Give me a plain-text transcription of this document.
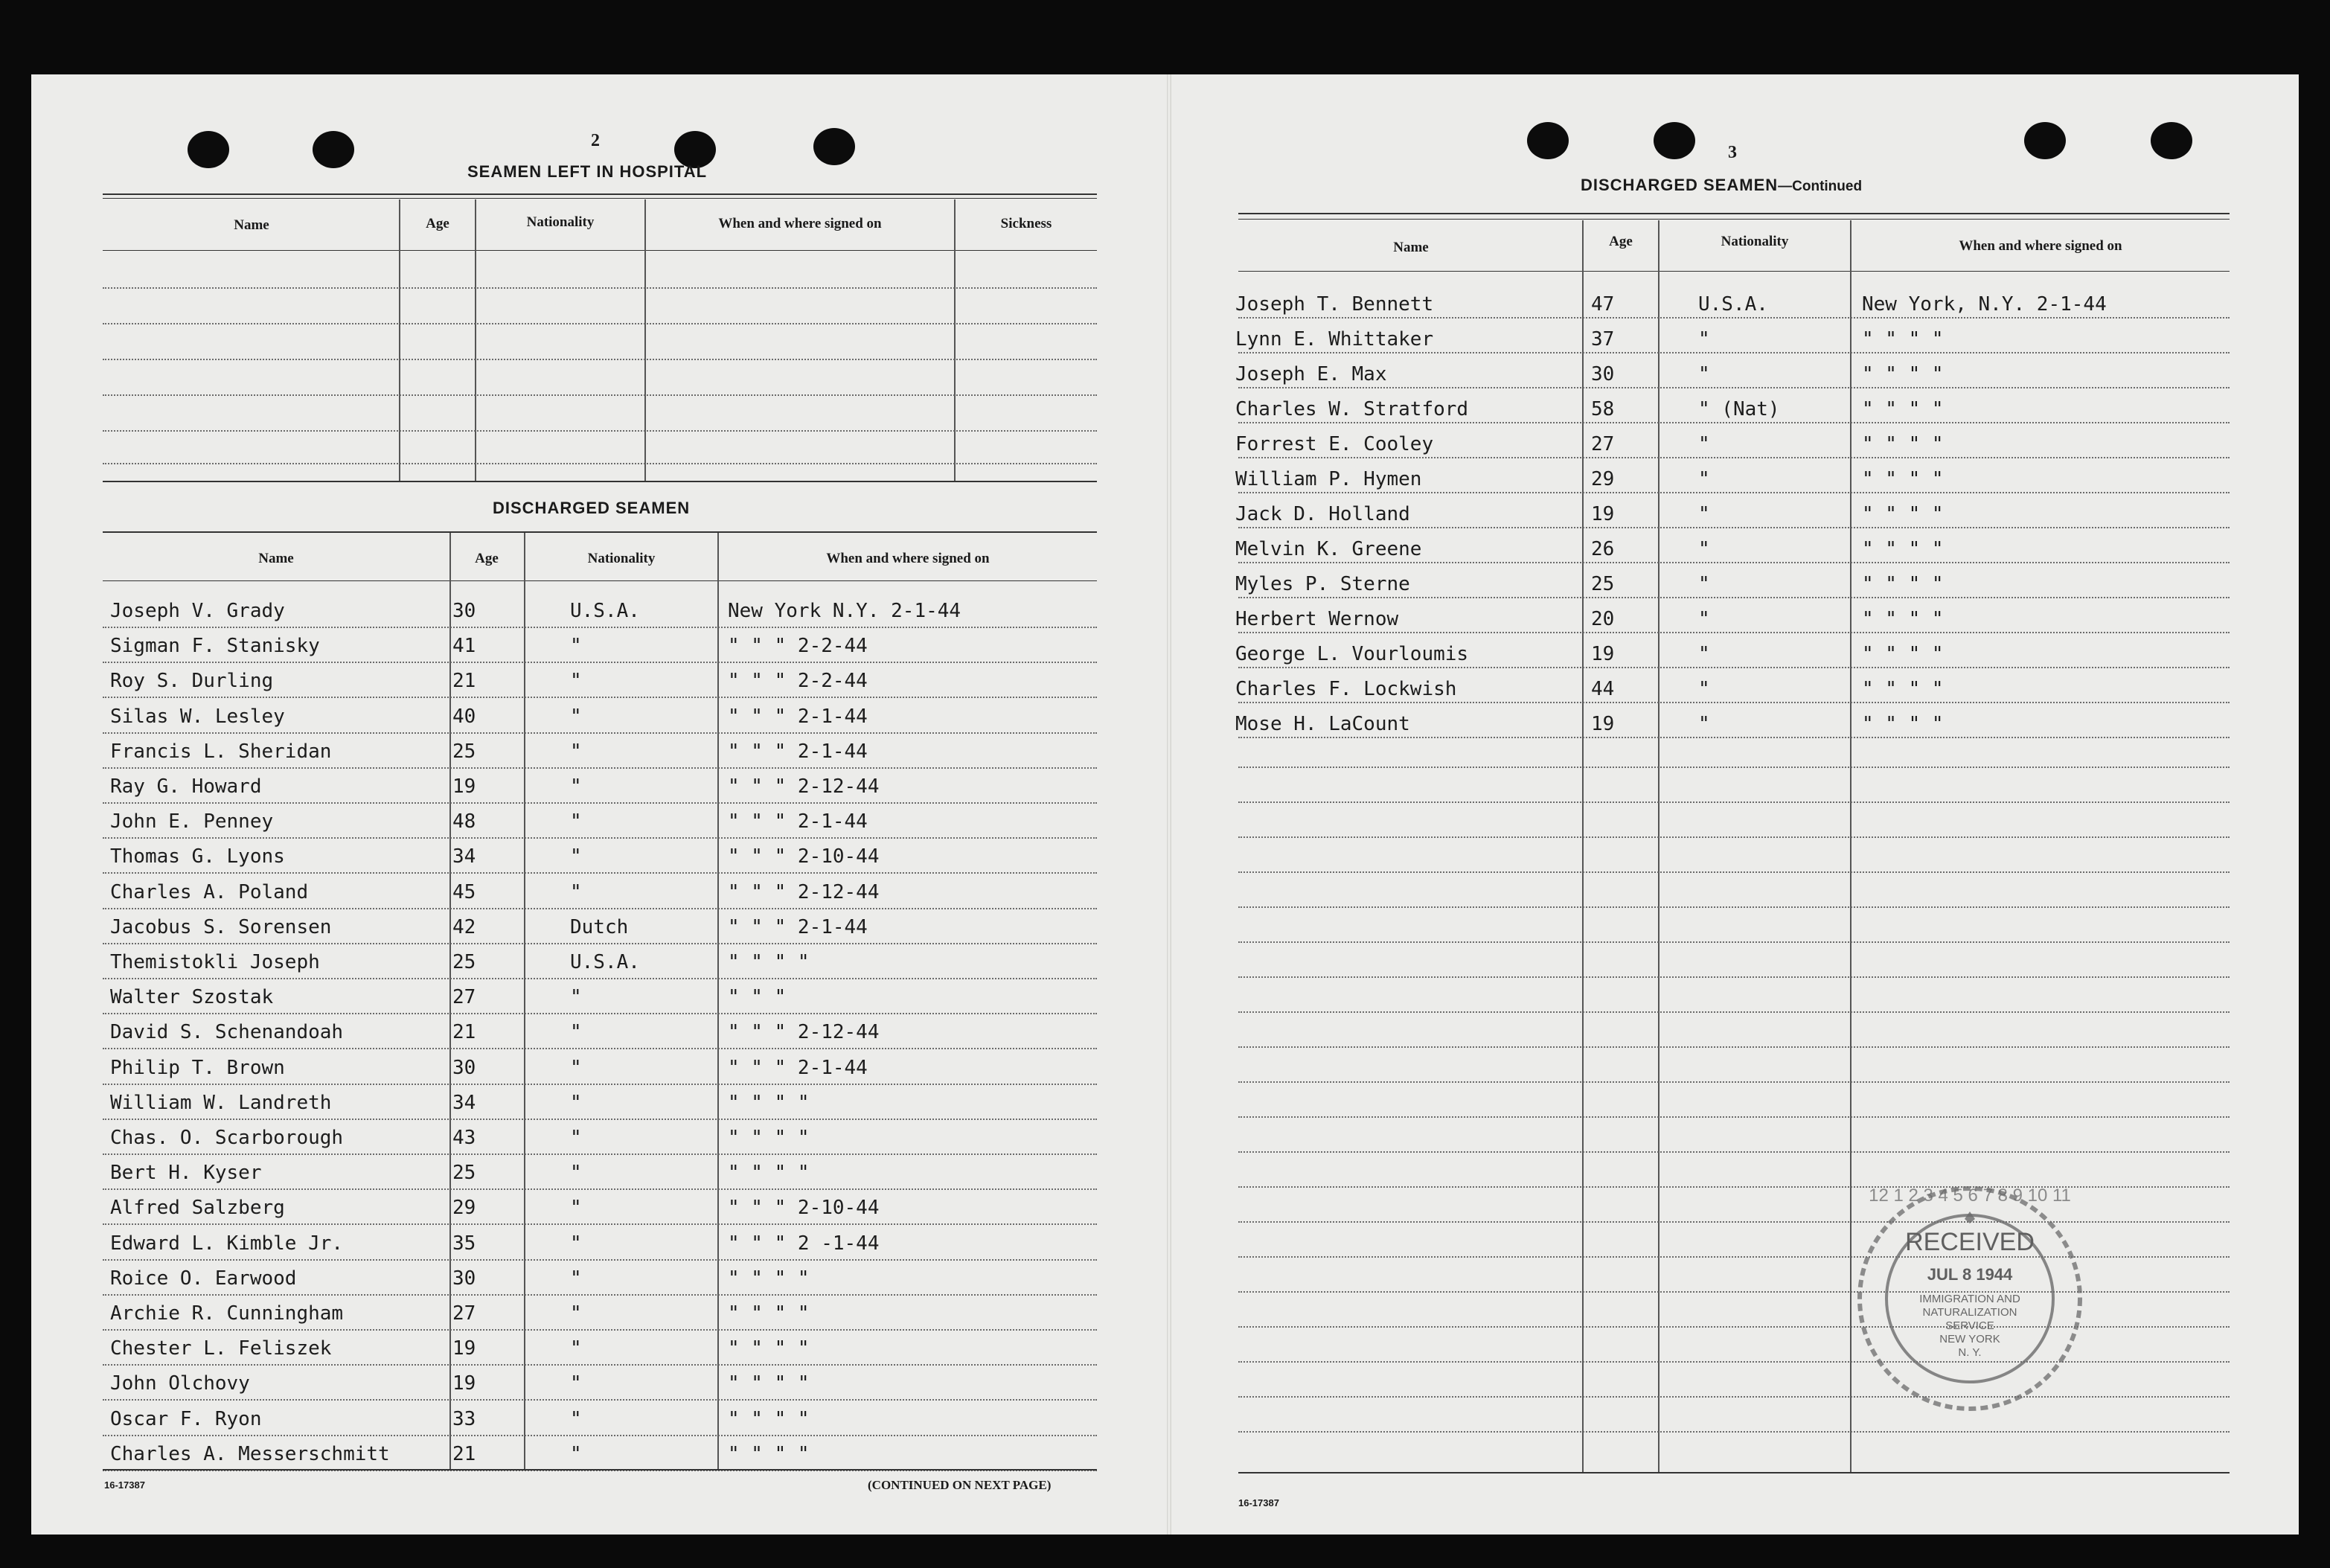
2
SEAMEN LEFT IN HOSPITAL
Name	Age	Nationality	When and where signed on	Sickness
DISCHARGED SEAMEN
Name	Age	Nationality	When and where signed on
Joseph V. Grady	30	U.S.A.	New York N.Y. 2-1-44
Sigman F. Stanisky	41	"	" " " 2-2-44
Roy S. Durling	21	"	" " " 2-2-44
Silas W. Lesley	40	"	" " " 2-1-44
Francis L. Sheridan	25	"	" " " 2-1-44
Ray G. Howard	19	"	" " " 2-12-44
John E. Penney	48	"	" " " 2-1-44
Thomas G. Lyons	34	"	" " " 2-10-44
Charles A. Poland	45	"	" " " 2-12-44
Jacobus S. Sorensen	42	Dutch	" " " 2-1-44
Themistokli Joseph	25	U.S.A.	" " " "
Walter Szostak	27	"	" " "
David S. Schenandoah	21	"	" " " 2-12-44
Philip T. Brown	30	"	" " " 2-1-44
William W. Landreth	34	"	" " " "
Chas. O. Scarborough	43	"	" " " "
Bert H. Kyser	25	"	" " " "
Alfred Salzberg	29	"	" " " 2-10-44
Edward L. Kimble Jr.	35	"	" " " 2 -1-44
Roice O. Earwood	30	"	" " " "
Archie R. Cunningham	27	"	" " " "
Chester L. Feliszek	19	"	" " " "
John Olchovy	19	"	" " " "
Oscar F. Ryon	33	"	" " " "
Charles A. Messerschmitt	21	"	" " " "
16-17387	(CONTINUED ON NEXT PAGE)
3
DISCHARGED SEAMEN—Continued
Name	Age	Nationality	When and where signed on
Joseph T. Bennett	47	U.S.A.	New York, N.Y. 2-1-44
Lynn E. Whittaker	37	"	" " " "
Joseph E. Max	30	"	" " " "
Charles W. Stratford	58	" (Nat)	" " " "
Forrest E. Cooley	27	"	" " " "
William P. Hymen	29	"	" " " "
Jack D. Holland	19	"	" " " "
Melvin K. Greene	26	"	" " " "
Myles P. Sterne	25	"	" " " "
Herbert Wernow	20	"	" " " "
George L. Vourloumis	19	"	" " " "
Charles F. Lockwish	44	"	" " " "
Mose H. LaCount	19	"	" " " "
16-17387
12 1 2 3 4 5 6 7 8 9 10 11
RECEIVED
JUL 8 1944
IMMIGRATION AND
NATURALIZATION
SERVICE
NEW YORK
N. Y.
